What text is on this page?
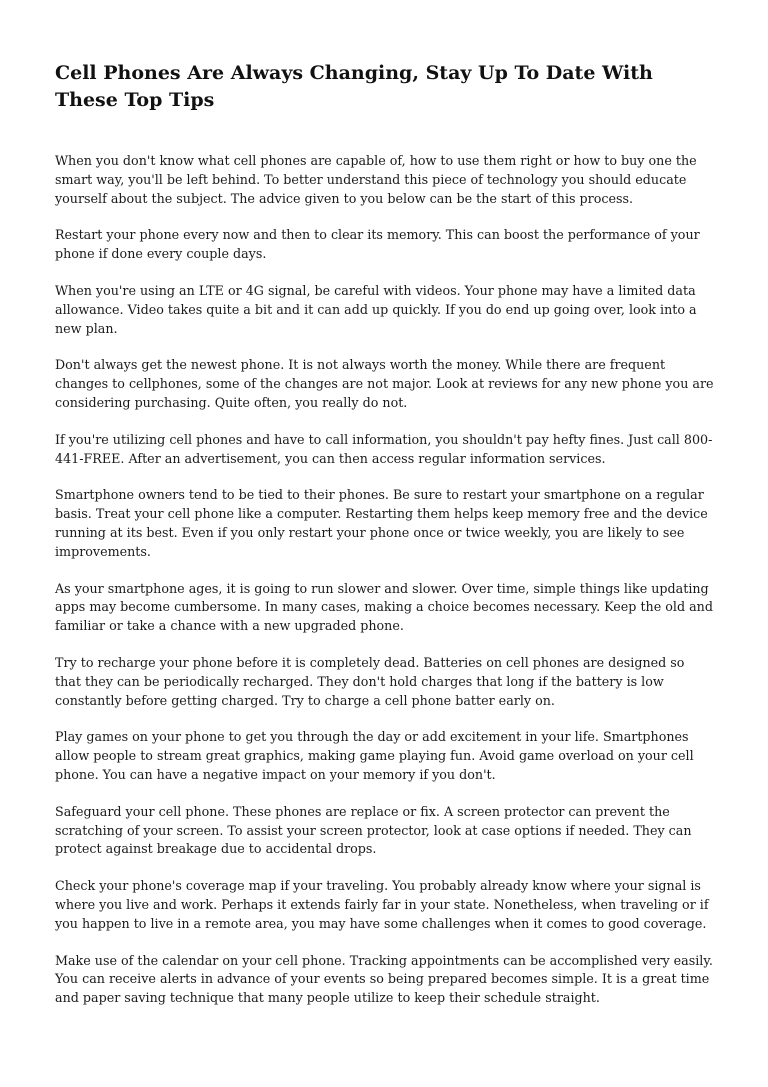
Cell Phones Are Always Changing, Stay Up To Date With These Top Tips

When you don't know what cell phones are capable of, how to use them right or how to buy one the smart way, you'll be left behind. To better understand this piece of technology you should educate yourself about the subject. The advice given to you below can be the start of this process.

Restart your phone every now and then to clear its memory. This can boost the performance of your phone if done every couple days.

When you're using an LTE or 4G signal, be careful with videos. Your phone may have a limited data allowance. Video takes quite a bit and it can add up quickly. If you do end up going over, look into a new plan.

Don't always get the newest phone. It is not always worth the money. While there are frequent changes to cellphones, some of the changes are not major. Look at reviews for any new phone you are considering purchasing. Quite often, you really do not.

If you're utilizing cell phones and have to call information, you shouldn't pay hefty fines. Just call 800-441-FREE. After an advertisement, you can then access regular information services.

Smartphone owners tend to be tied to their phones. Be sure to restart your smartphone on a regular basis. Treat your cell phone like a computer. Restarting them helps keep memory free and the device running at its best. Even if you only restart your phone once or twice weekly, you are likely to see improvements.

As your smartphone ages, it is going to run slower and slower. Over time, simple things like updating apps may become cumbersome. In many cases, making a choice becomes necessary. Keep the old and familiar or take a chance with a new upgraded phone.

Try to recharge your phone before it is completely dead. Batteries on cell phones are designed so that they can be periodically recharged. They don't hold charges that long if the battery is low constantly before getting charged. Try to charge a cell phone batter early on.

Play games on your phone to get you through the day or add excitement in your life. Smartphones allow people to stream great graphics, making game playing fun. Avoid game overload on your cell phone. You can have a negative impact on your memory if you don't.

Safeguard your cell phone. These phones are replace or fix. A screen protector can prevent the scratching of your screen. To assist your screen protector, look at case options if needed. They can protect against breakage due to accidental drops.

Check your phone's coverage map if your traveling. You probably already know where your signal is where you live and work. Perhaps it extends fairly far in your state. Nonetheless, when traveling or if you happen to live in a remote area, you may have some challenges when it comes to good coverage.

Make use of the calendar on your cell phone. Tracking appointments can be accomplished very easily. You can receive alerts in advance of your events so being prepared becomes simple. It is a great time and paper saving technique that many people utilize to keep their schedule straight.
